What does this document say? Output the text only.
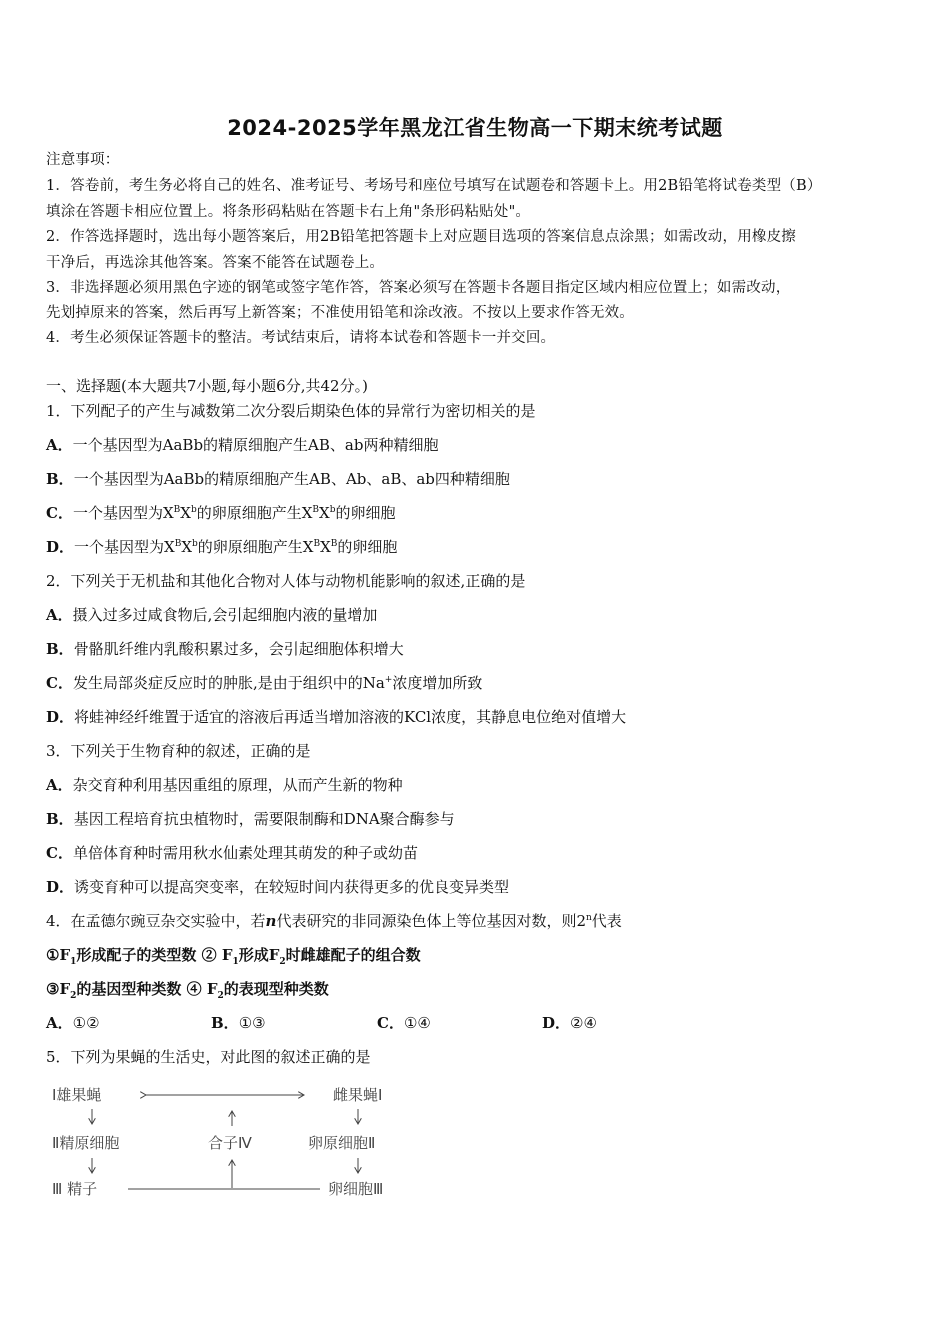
2024-2025学年黑龙江省生物高一下期末统考试题
注意事项：
1．答卷前，考生务必将自己的姓名、准考证号、考场号和座位号填写在试题卷和答题卡上。用2B铅笔将试卷类型（B）
填涂在答题卡相应位置上。将条形码粘贴在答题卡右上角"条形码粘贴处"。
2．作答选择题时，选出每小题答案后，用2B铅笔把答题卡上对应题目选项的答案信息点涂黑；如需改动，用橡皮擦
干净后，再选涂其他答案。答案不能答在试题卷上。
3．非选择题必须用黑色字迹的钢笔或签字笔作答，答案必须写在答题卡各题目指定区域内相应位置上；如需改动，
先划掉原来的答案，然后再写上新答案；不准使用铅笔和涂改液。不按以上要求作答无效。
4．考生必须保证答题卡的整洁。考试结束后，请将本试卷和答题卡一并交回。
一、选择题(本大题共7小题,每小题6分,共42分。)
1．下列配子的产生与减数第二次分裂后期染色体的异常行为密切相关的是
A．一个基因型为AaBb的精原细胞产生AB、ab两种精细胞
B．一个基因型为AaBb的精原细胞产生AB、Ab、aB、ab四种精细胞
C．一个基因型为$X^BX^b$的卵原细胞产生$X^BX^b$的卵细胞
D．一个基因型为$X^BX^b$的卵原细胞产生$X^BX^B$的卵细胞
2．下列关于无机盐和其他化合物对人体与动物机能影响的叙述,正确的是
A．摄入过多过咸食物后,会引起细胞内液的量增加
B．骨骼肌纤维内乳酸积累过多，会引起细胞体积增大
C．发生局部炎症反应时的肿胀,是由于组织中的Na+浓度增加所致
D．将蛙神经纤维置于适宜的溶液后再适当增加溶液的KCl浓度，其静息电位绝对值增大
3．下列关于生物育种的叙述，正确的是
A．杂交育种利用基因重组的原理，从而产生新的物种
B．基因工程培育抗虫植物时，需要限制酶和DNA聚合酶参与
C．单倍体育种时需用秋水仙素处理其萌发的种子或幼苗
D．诱变育种可以提高突变率，在较短时间内获得更多的优良变异类型
4．在孟德尔豌豆杂交实验中，若n代表研究的非同源染色体上等位基因对数，则2$^n$代表
$①F_1$形成配子的类型数 ② $F_1$形成$F_2$时雌雄配子的组合数
$③F_2$的基因型种类数 ④ $F_2$的表现型种类数
A．①②	B．①③	C．①④	D．②④
5．下列为果蝇的生活史，对此图的叙述正确的是
Ⅰ雄果蝇	雌果蝇Ⅰ
Ⅱ精原细胞	合子Ⅳ	卵原细胞Ⅱ
Ⅲ 精子	卵细胞Ⅲ
